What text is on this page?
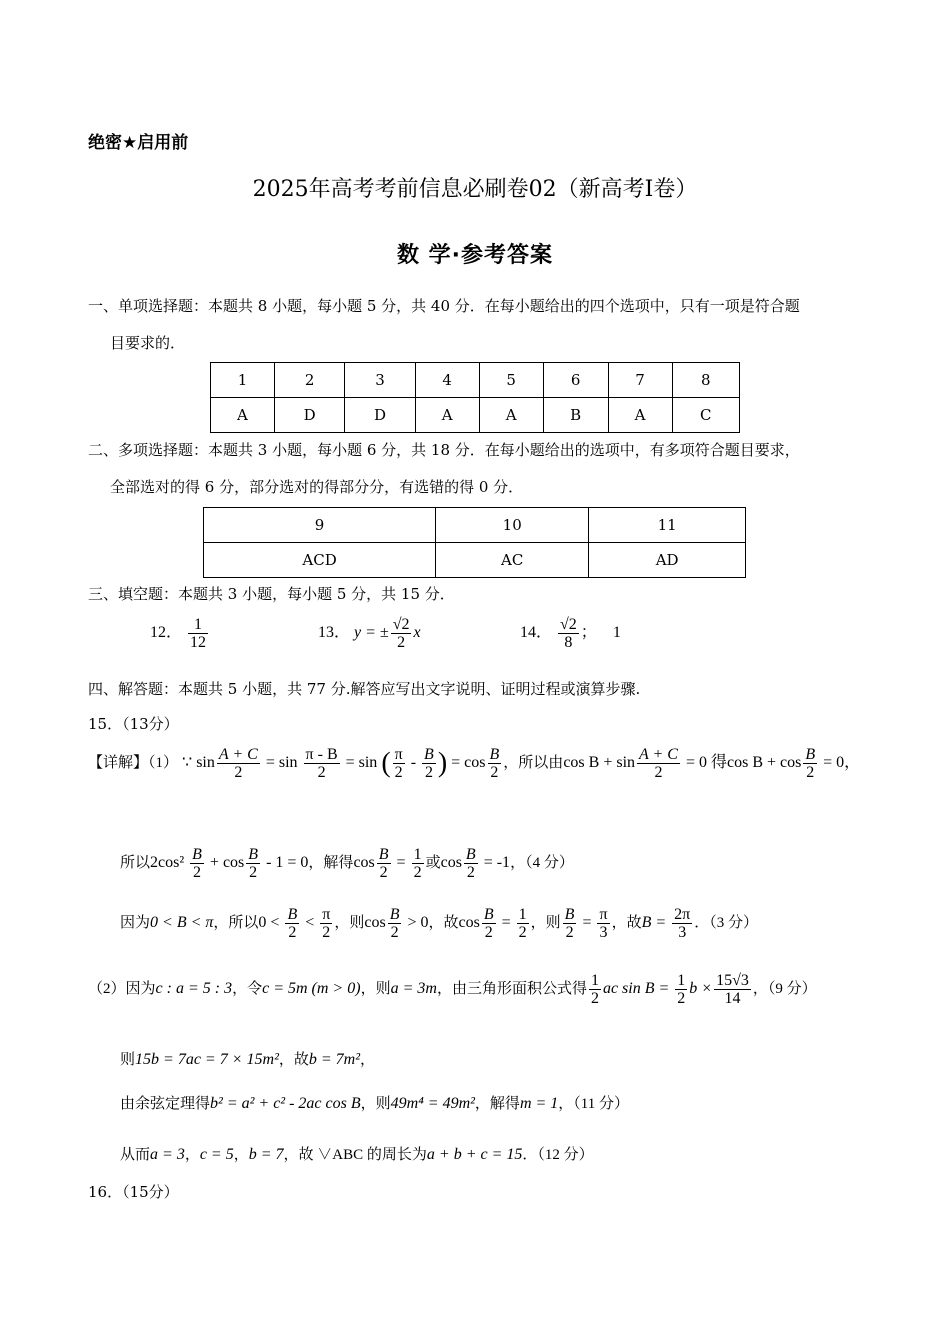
绝密★启用前
2025年高考考前信息必刷卷02（新高考Ⅰ卷）
数 学·参考答案
一、单项选择题：本题共 8 小题，每小题 5 分，共 40 分．在每小题给出的四个选项中，只有一项是符合题
目要求的．
1	2	3	4	5	6	7	8
A	D	D	A	A	B	A	C
二、多项选择题：本题共 3 小题，每小题 6 分，共 18 分．在每小题给出的选项中，有多项符合题目要求，
全部选对的得 6 分，部分选对的得部分分，有选错的得 0 分．
9	10	11
ACD	AC	AD
三、填空题：本题共 3 小题，每小题 5 分，共 15 分．
12． $\frac{1}{12}$	13． y = ± $\frac{√2}{2}$ x	14． $\frac{√2}{8}$ ； 1
四、解答题：本题共 5 小题，共 77 分.解答应写出文字说明、证明过程或演算步骤.
15．（13分）
【详解】（1） ∵ $\sin \frac{A + C}{2} = \sin \frac{\pi - B}{2} = \sin$ ( $\frac{\pi}{2} - \frac{B}{2}$ ) = $\cos \frac{B}{2}$ ，所以由$\cos B + \sin \frac{A + C}{2} = 0$ 得$\cos B + \cos \frac{B}{2} = 0$，
所以$2\cos^2 \frac{B}{2} + \cos \frac{B}{2} - 1 = 0$，解得$\cos \frac{B}{2} = \frac{1}{2}$ 或$\cos \frac{B}{2} = -1$，（4 分）
因为0 < B < π，所以$0 < \frac{B}{2} < \frac{\pi}{2}$ ，则$\cos \frac{B}{2} > 0$，故$\cos \frac{B}{2} = \frac{1}{2}$ ，则 $\frac{B}{2} = \frac{\pi}{3}$ ，故$B = \frac{2\pi}{3}$ ．（3 分）
（2）因为c : a = 5 : 3，令c = 5m (m > 0)，则a = 3m，由三角形面积公式得 $\frac{1}{2}$ ac $\sin B = \frac{1}{2}$ $b \times \frac{15√3}{14}$ ，（9 分）
则15b = 7ac = 7 × 15m²，故b = 7m²，
由余弦定理得b² = a² + c² - 2ac cos B，则49m⁴ = 49m²，解得m = 1，（11 分）
从而a = 3，c = 5，b = 7，故 ∨ABC 的周长为a + b + c = 15．（12 分）
16．（15分）
